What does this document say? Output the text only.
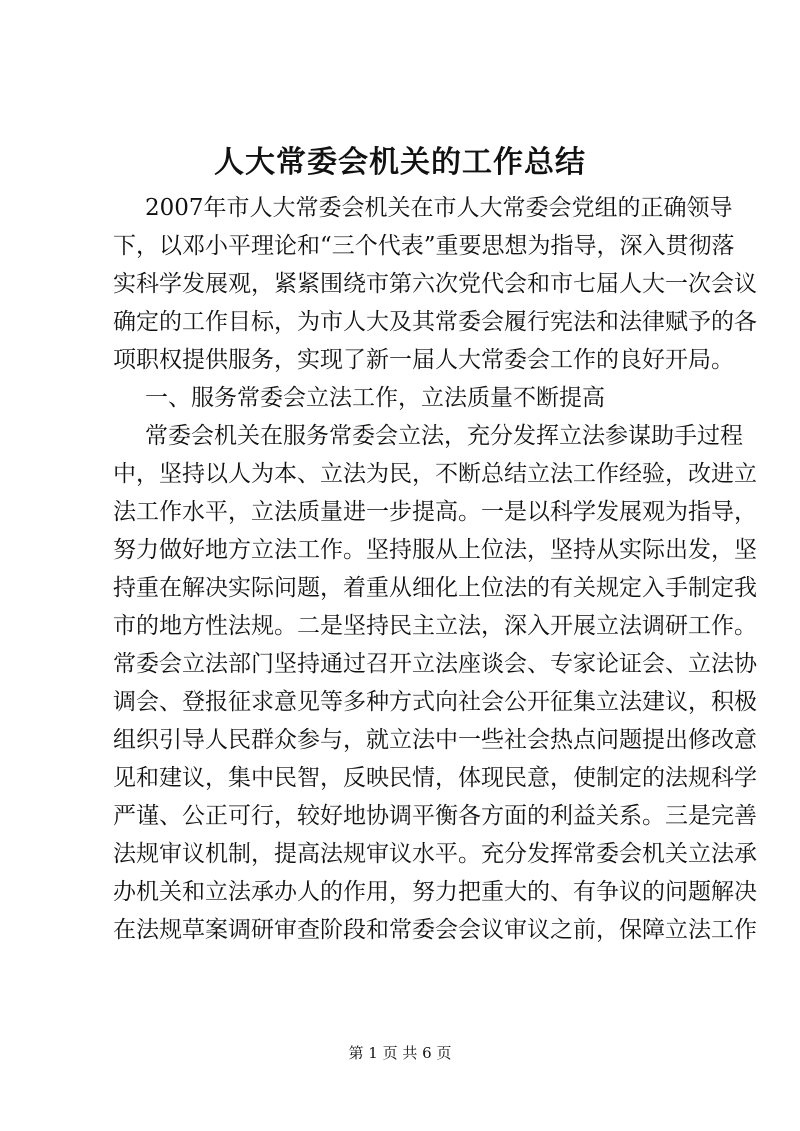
人大常委会机关的工作总结
2007年市人大常委会机关在市人大常委会党组的正确领导
下，以邓小平理论和“三个代表”重要思想为指导，深入贯彻落
实科学发展观，紧紧围绕市第六次党代会和市七届人大一次会议
确定的工作目标，为市人大及其常委会履行宪法和法律赋予的各
项职权提供服务，实现了新一届人大常委会工作的良好开局。
一、服务常委会立法工作，立法质量不断提高
常委会机关在服务常委会立法，充分发挥立法参谋助手过程
中，坚持以人为本、立法为民，不断总结立法工作经验，改进立
法工作水平，立法质量进一步提高。一是以科学发展观为指导，
努力做好地方立法工作。坚持服从上位法，坚持从实际出发，坚
持重在解决实际问题，着重从细化上位法的有关规定入手制定我
市的地方性法规。二是坚持民主立法，深入开展立法调研工作。
常委会立法部门坚持通过召开立法座谈会、专家论证会、立法协
调会、登报征求意见等多种方式向社会公开征集立法建议，积极
组织引导人民群众参与，就立法中一些社会热点问题提出修改意
见和建议，集中民智，反映民情，体现民意，使制定的法规科学
严谨、公正可行，较好地协调平衡各方面的利益关系。三是完善
法规审议机制，提高法规审议水平。充分发挥常委会机关立法承
办机关和立法承办人的作用，努力把重大的、有争议的问题解决
在法规草案调研审查阶段和常委会会议审议之前，保障立法工作
第 1 页 共 6 页
